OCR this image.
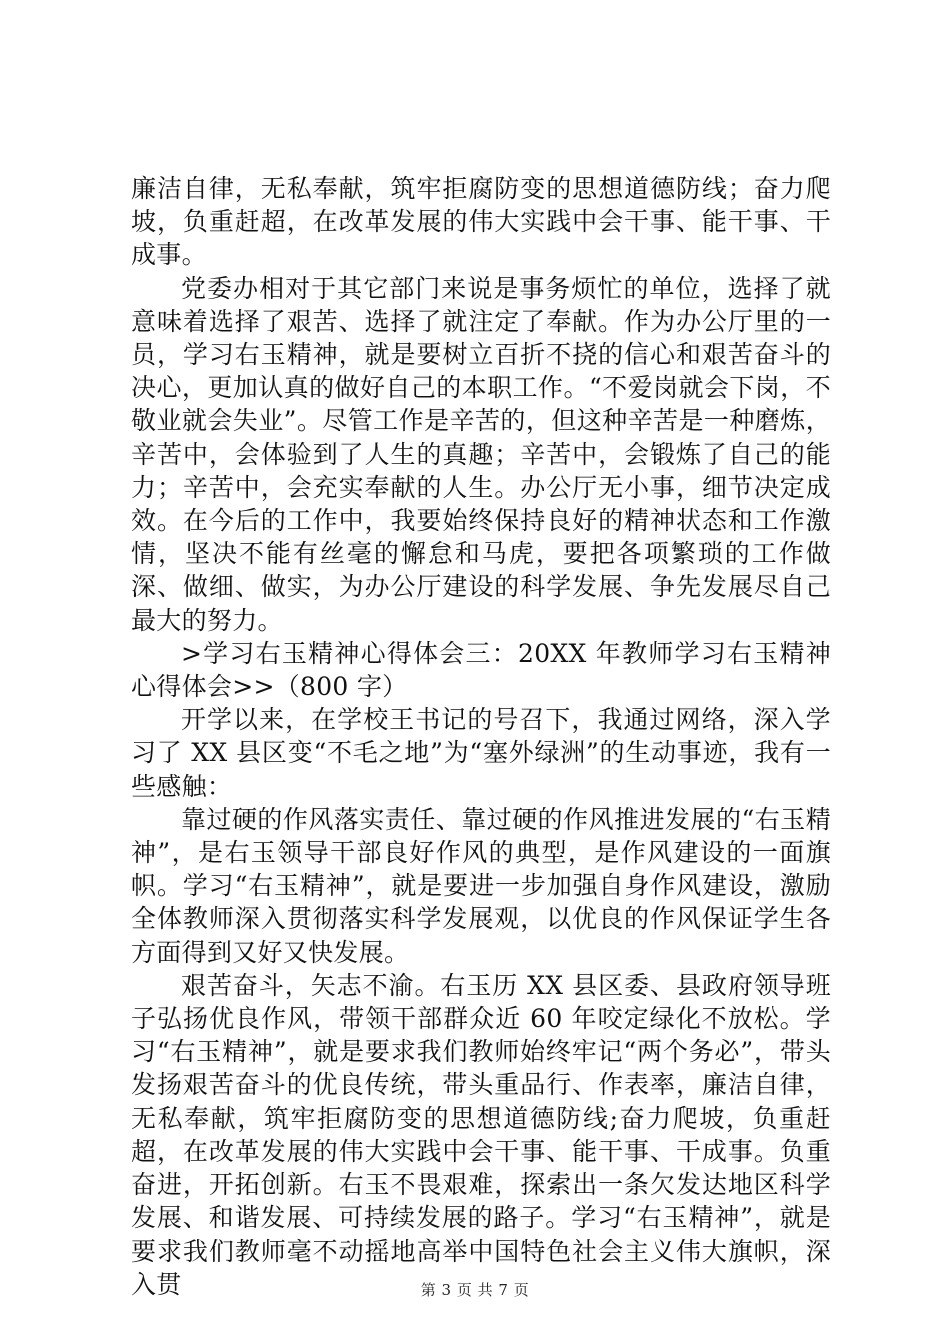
廉洁自律，无私奉献，筑牢拒腐防变的思想道德防线；奋力爬坡，负重赶超，在改革发展的伟大实践中会干事、能干事、干成事。

党委办相对于其它部门来说是事务烦忙的单位，选择了就意味着选择了艰苦、选择了就注定了奉献。作为办公厅里的一员，学习右玉精神，就是要树立百折不挠的信心和艰苦奋斗的决心，更加认真的做好自己的本职工作。“不爱岗就会下岗，不敬业就会失业”。尽管工作是辛苦的，但这种辛苦是一种磨炼，辛苦中，会体验到了人生的真趣；辛苦中，会锻炼了自己的能力；辛苦中，会充实奉献的人生。办公厅无小事，细节决定成效。在今后的工作中，我要始终保持良好的精神状态和工作激情，坚决不能有丝毫的懈怠和马虎，要把各项繁琐的工作做深、做细、做实，为办公厅建设的科学发展、争先发展尽自己最大的努力。

>学习右玉精神心得体会三：20XX 年教师学习右玉精神心得体会>>（800 字）

开学以来，在学校王书记的号召下，我通过网络，深入学习了 XX 县区变“不毛之地”为“塞外绿洲”的生动事迹，我有一些感触：

靠过硬的作风落实责任、靠过硬的作风推进发展的“右玉精神”，是右玉领导干部良好作风的典型，是作风建设的一面旗帜。学习“右玉精神”，就是要进一步加强自身作风建设，激励全体教师深入贯彻落实科学发展观，以优良的作风保证学生各方面得到又好又快发展。

艰苦奋斗，矢志不渝。右玉历 XX 县区委、县政府领导班子弘扬优良作风，带领干部群众近 60 年咬定绿化不放松。学习“右玉精神”，就是要求我们教师始终牢记“两个务必”，带头发扬艰苦奋斗的优良传统，带头重品行、作表率，廉洁自律，无私奉献，筑牢拒腐防变的思想道德防线;奋力爬坡，负重赶超，在改革发展的伟大实践中会干事、能干事、干成事。负重奋进，开拓创新。右玉不畏艰难，探索出一条欠发达地区科学发展、和谐发展、可持续发展的路子。学习“右玉精神”，就是要求我们教师毫不动摇地高举中国特色社会主义伟大旗帜，深入贯	第 3 页 共 7 页
